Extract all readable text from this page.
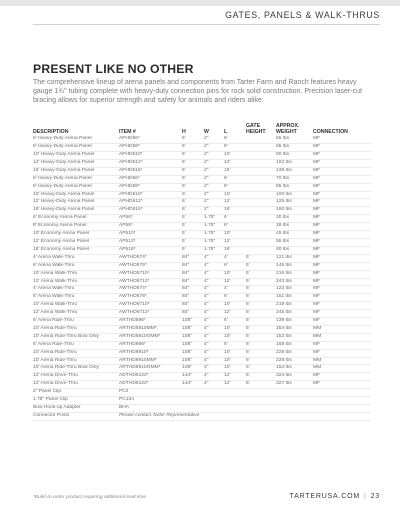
GATES, PANELS & WALK-THRUS
PRESENT LIKE NO OTHER
The comprehensive lineup of arena panels and components from Tarter Farm and Ranch features heavy gauge 1¾" tubing complete with heavy-duty connection pins for rock solid construction. Precision laser-cut bracing allows for superior strength and safety for animals and riders alike.
DESCRIPTION	ITEM #	H	W	L	GATE HEIGHT	APPROX. WEIGHT	CONNECTION
6' Heavy-Duty Arena Panel	APHD56*	5'	2"	6'		55 lbs	MF
8' Heavy-Duty Arena Panel	APHD58*	5'	2"	8'		65 lbs	MF
10' Heavy-Duty Arena Panel	APHD510*	5'	2"	10'		80 lbs	MF
12' Heavy-Duty Arena Panel	APHD512*	5'	2"	12'		102 lbs	MF
16' Heavy-Duty Arena Panel	APHD516*	5'	2"	16'		138 lbs	MF
6' Heavy-Duty Arena Panel	APHD66*	6'	2"	6'		70 lbs	MF
8' Heavy-Duty Arena Panel	APHD68*	6'	2"	8'		85 lbs	MF
10' Heavy-Duty Arena Panel	APHD610*	6'	2"	10'		100 lbs	MF
12' Heavy-Duty Arena Panel	APHD612*	6'	2"	12'		125 lbs	MF
16' Heavy-Duty Arena Panel	APHD616*	6'	2"	16'		160 lbs	MF
6' Economy Arena Panel	AP56*	5'	1.75"	6'		30 lbs	MF
8' Economy Arena Panel	AP58*	5'	1.75"	8'		39 lbs	MF
10' Economy Arena Panel	AP510*	5'	1.75"	10'		45 lbs	MF
12' Economy Arena Panel	AP512*	5'	1.75"	12'		55 lbs	MF
16' Economy Arena Panel	AP516*	5'	1.75"	16'		80 lbs	MF
4' Arena Walk-Thru	AWTHD574*	84"	4"	4'	5'	121 lbs	MF
6' Arena Walk-Thru	AWTHD576*	84"	4"	6'	5'	149 lbs	MF
10' Arena Walk-Thru	AWTHD5710*	84"	4"	10'	5'	216 lbs	MF
12' Arena Walk-Thru	AWTHD5712*	84"	4"	12'	5'	243 lbs	MF
4' Arena Walk-Thru	AWTHD674*	84"	4"	4'	6'	123 lbs	MF
6' Arena Walk-Thru	AWTHD676*	84"	4"	6'	6'	151 lbs	MF
10' Arena Walk-Thru	AWTHD6710*	84"	4"	10'	6'	219 lbs	MF
12' Arena Walk-Thru	AWTHD6712*	84"	4"	12'	6'	245 lbs	MF
6' Arena Ride-Thru	ARTHD596*	108"	4"	6'	5'	139 lbs	MF
10' Arena Ride-Thru	ARTHD5910MM*	108"	4"	10'	5'	254 lbs	MM
10' Arena Ride-Thru Bow Only	ARTHD5910OMM*	108"	4"	10'	5'	153 lbs	MM
6' Arena Ride-Thru	ARTHD696*	108"	4"	6'	6'	168 lbs	MF
10' Arena Ride-Thru	ARTHD6910*	108"	4"	10'	6'	228 lbs	MF
10' Arena Ride-Thru	ARTHD6910MM*	108"	4"	10'	6'	228 lbs	MM
10' Arena Ride-Thru Bow Only	ARTHD6910OMM*	108"	4"	10'	6'	154 lbs	MM
12' Arena Drive-Thru	ADTHD5122*	144"	4"	12'	5'	324 lbs	MF
12' Arena Drive-Thru	ADTHD6122*	144"	4"	12'	6'	327 lbs	MF
2" Panel Clip	PC2						
1.75" Panel Clip	PC134						
Bow Hook-up Adapter	BHA						
Connector Posts	Please contact Tarter Representative						
*Build-to-order product requiring additional lead time	TARTERUSA.COM | 23
